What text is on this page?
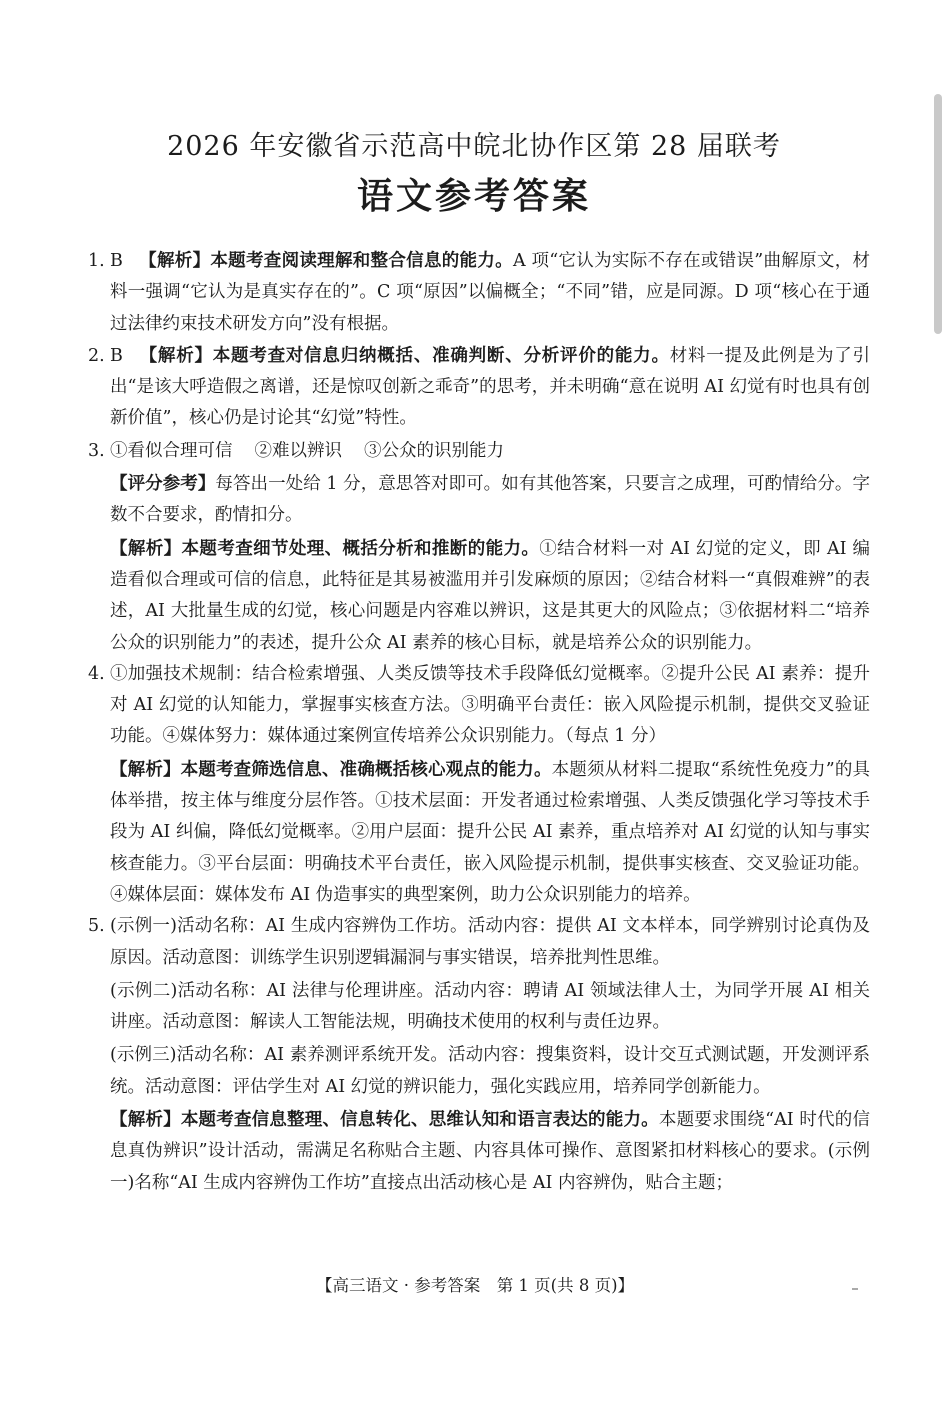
2026 年安徽省示范高中皖北协作区第 28 届联考
语文参考答案
1. B 【解析】本题考查阅读理解和整合信息的能力。A 项“它认为实际不存在或错误”曲解原文，材料一强调“它认为是真实存在的”。C 项“原因”以偏概全；“不同”错，应是同源。D 项“核心在于通过法律约束技术研发方向”没有根据。
2. B 【解析】本题考查对信息归纳概括、准确判断、分析评价的能力。材料一提及此例是为了引出“是该大呼造假之离谱，还是惊叹创新之乖奇”的思考，并未明确“意在说明 AI 幻觉有时也具有创新价值”，核心仍是讨论其“幻觉”特性。
3. ①看似合理可信 ②难以辨识 ③公众的识别能力
【评分参考】每答出一处给 1 分，意思答对即可。如有其他答案，只要言之成理，可酌情给分。字数不合要求，酌情扣分。
【解析】本题考查细节处理、概括分析和推断的能力。①结合材料一对 AI 幻觉的定义，即 AI 编造看似合理或可信的信息，此特征是其易被滥用并引发麻烦的原因；②结合材料一“真假难辨”的表述，AI 大批量生成的幻觉，核心问题是内容难以辨识，这是其更大的风险点；③依据材料二“培养公众的识别能力”的表述，提升公众 AI 素养的核心目标，就是培养公众的识别能力。
4. ①加强技术规制：结合检索增强、人类反馈等技术手段降低幻觉概率。②提升公民 AI 素养：提升对 AI 幻觉的认知能力，掌握事实核查方法。③明确平台责任：嵌入风险提示机制，提供交叉验证功能。④媒体努力：媒体通过案例宣传培养公众识别能力。（每点 1 分）
【解析】本题考查筛选信息、准确概括核心观点的能力。本题须从材料二提取“系统性免疫力”的具体举措，按主体与维度分层作答。①技术层面：开发者通过检索增强、人类反馈强化学习等技术手段为 AI 纠偏，降低幻觉概率。②用户层面：提升公民 AI 素养，重点培养对 AI 幻觉的认知与事实核查能力。③平台层面：明确技术平台责任，嵌入风险提示机制，提供事实核查、交叉验证功能。④媒体层面：媒体发布 AI 伪造事实的典型案例，助力公众识别能力的培养。
5. (示例一)活动名称：AI 生成内容辨伪工作坊。活动内容：提供 AI 文本样本，同学辨别讨论真伪及原因。活动意图：训练学生识别逻辑漏洞与事实错误，培养批判性思维。
(示例二)活动名称：AI 法律与伦理讲座。活动内容：聘请 AI 领域法律人士，为同学开展 AI 相关讲座。活动意图：解读人工智能法规，明确技术使用的权利与责任边界。
(示例三)活动名称：AI 素养测评系统开发。活动内容：搜集资料，设计交互式测试题，开发测评系统。活动意图：评估学生对 AI 幻觉的辨识能力，强化实践应用，培养同学创新能力。
【解析】本题考查信息整理、信息转化、思维认知和语言表达的能力。本题要求围绕“AI 时代的信息真伪辨识”设计活动，需满足名称贴合主题、内容具体可操作、意图紧扣材料核心的要求。(示例一)名称“AI 生成内容辨伪工作坊”直接点出活动核心是 AI 内容辨伪，贴合主题；
【高三语文 · 参考答案　第 1 页(共 8 页)】
